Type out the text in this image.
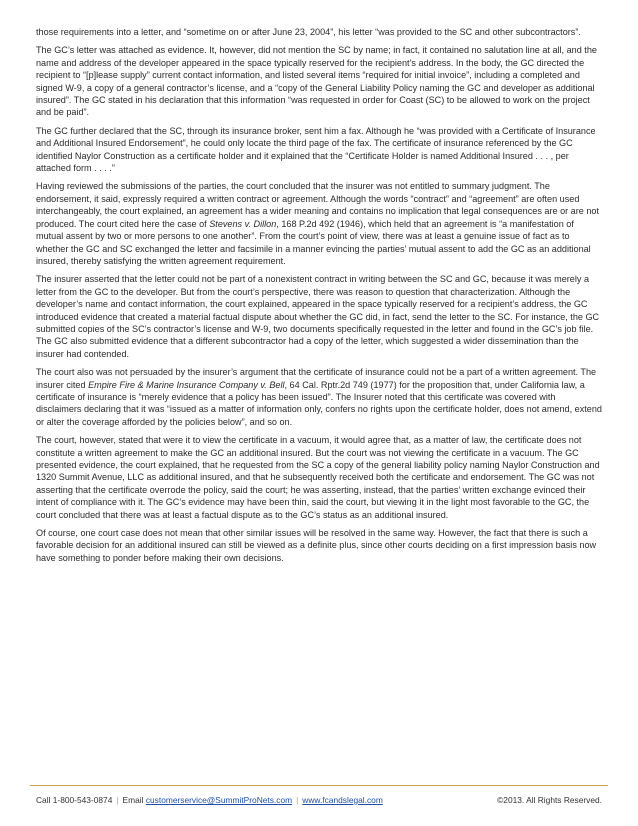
those requirements into a letter, and “sometime on or after June 23, 2004”, his letter “was provided to the SC and other subcontractors”.

The GC’s letter was attached as evidence. It, however, did not mention the SC by name; in fact, it contained no salutation line at all, and the name and address of the developer appeared in the space typically reserved for the recipient’s address. In the body, the GC directed the recipient to “[p]lease supply” current contact information, and listed several items “required for initial invoice”, including a completed and signed W-9, a copy of a general contractor’s license, and a “copy of the General Liability Policy naming the GC and developer as additional insured”. The GC stated in his declaration that this information “was requested in order for Coast (SC) to be allowed to work on the project and be paid”.

The GC further declared that the SC, through its insurance broker, sent him a fax. Although he “was provided with a Certificate of Insurance and Additional Insured Endorsement”, he could only locate the third page of the fax. The certificate of insurance referenced by the GC identified Naylor Construction as a certificate holder and it explained that the “Certificate Holder is named Additional Insured . . . , per attached form . . . .”

Having reviewed the submissions of the parties, the court concluded that the insurer was not entitled to summary judgment. The endorsement, it said, expressly required a written contract or agreement. Although the words “contract” and “agreement” are often used interchangeably, the court explained, an agreement has a wider meaning and contains no implication that legal consequences are or are not produced. The court cited here the case of Stevens v. Dillon, 168 P.2d 492 (1946), which held that an agreement is “a manifestation of mutual assent by two or more persons to one another”. From the court’s point of view, there was at least a genuine issue of fact as to whether the GC and SC exchanged the letter and facsimile in a manner evincing the parties’ mutual assent to add the GC as an additional insured, thereby satisfying the written agreement requirement.

The insurer asserted that the letter could not be part of a nonexistent contract in writing between the SC and GC, because it was merely a letter from the GC to the developer. But from the court’s perspective, there was reason to question that characterization. Although the developer’s name and contact information, the court explained, appeared in the space typically reserved for a recipient’s address, the GC introduced evidence that created a material factual dispute about whether the GC did, in fact, send the letter to the SC. For instance, the GC submitted copies of the SC’s contractor’s license and W-9, two documents specifically requested in the letter and found in the GC’s job file. The GC also submitted evidence that a different subcontractor had a copy of the letter, which suggested a wider dissemination than the insurer had contended.

The court also was not persuaded by the insurer’s argument that the certificate of insurance could not be a part of a written agreement. The insurer cited Empire Fire & Marine Insurance Company v. Bell, 64 Cal. Rptr.2d 749 (1977) for the proposition that, under California law, a certificate of insurance is “merely evidence that a policy has been issued”. The Insurer noted that this certificate was covered with disclaimers declaring that it was “issued as a matter of information only, confers no rights upon the certificate holder, does not amend, extend or alter the coverage afforded by the policies below”, and so on.

The court, however, stated that were it to view the certificate in a vacuum, it would agree that, as a matter of law, the certificate does not constitute a written agreement to make the GC an additional insured. But the court was not viewing the certificate in a vacuum. The GC presented evidence, the court explained, that he requested from the SC a copy of the general liability policy naming Naylor Construction and 1320 Summit Avenue, LLC as additional insured, and that he subsequently received both the certificate and endorsement. The GC was not asserting that the certificate overrode the policy, said the court; he was asserting, instead, that the parties’ written exchange evinced their intent of compliance with it. The GC’s evidence may have been thin, said the court, but viewing it in the light most favorable to the GC, the court concluded that there was at least a factual dispute as to the GC’s status as an additional insured.

Of course, one court case does not mean that other similar issues will be resolved in the same way. However, the fact that there is such a favorable decision for an additional insured can still be viewed as a definite plus, since other courts deciding on a first impression basis now have something to ponder before making their own decisions.

Call 1-800-543-0874 | Email customerservice@SummitProNets.com | www.fcandslegal.com	©2013. All Rights Reserved.
